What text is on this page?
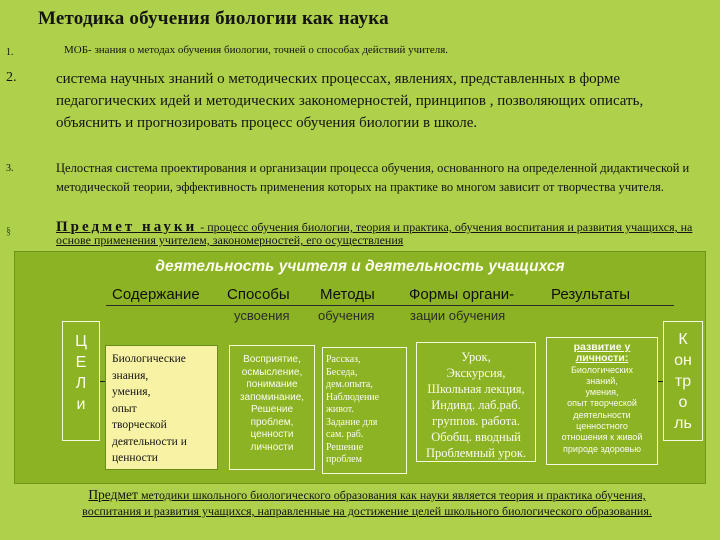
Методика обучения биологии как наука
1.	МОБ- знания о методах обучения биологии, точней о способах действий учителя.
2.	система научных знаний о методических процессах, явлениях, представленных в форме педагогических идей и методических закономерностей, принципов , позволяющих описать, объяснить и прогнозировать процесс обучения биологии в школе.
3.	Целостная система проектирования и организации процесса обучения, основанного на определенной дидактической и методической теории, эффективность применения которых на практике во многом зависит от творчества учителя.
§	Предмет науки - процесс обучения биологии, теория и практика, обучения воспитания и развития учащихся, на основе применения учителем, закономерностей, его осуществления
деятельность учителя и деятельность учащихся
Содержание Способы Методы Формы органи- Результаты
усвоения обучения	зации обучения
Ц
Е
Л
и
Биологические
знания,
умения,
опыт
творческой
деятельности и
ценности
Восприятие,
осмысление,
понимание
запоминание,
Решение
проблем,
ценности
личности
Рассказ,
Беседа,
дем.опыта,
Наблюдение
живот.
Задание для
сам. раб.
Решение
проблем
Урок,
Экскурсия,
Школьная лекция,
Индивд. лаб.раб.
группов. работа.
Обобщ. вводный
Проблемный урок.
развитие у личности:
Биологических
знаний,
умения,
опыт творческой
деятельности
ценностного
отношения к живой
природе здоровью
К
он
тр
о
ль
Предмет методики школьного биологического образования как науки является теория и практика обучения, воспитания и развития учащихся, направленные на достижение целей школьного биологического образования.
